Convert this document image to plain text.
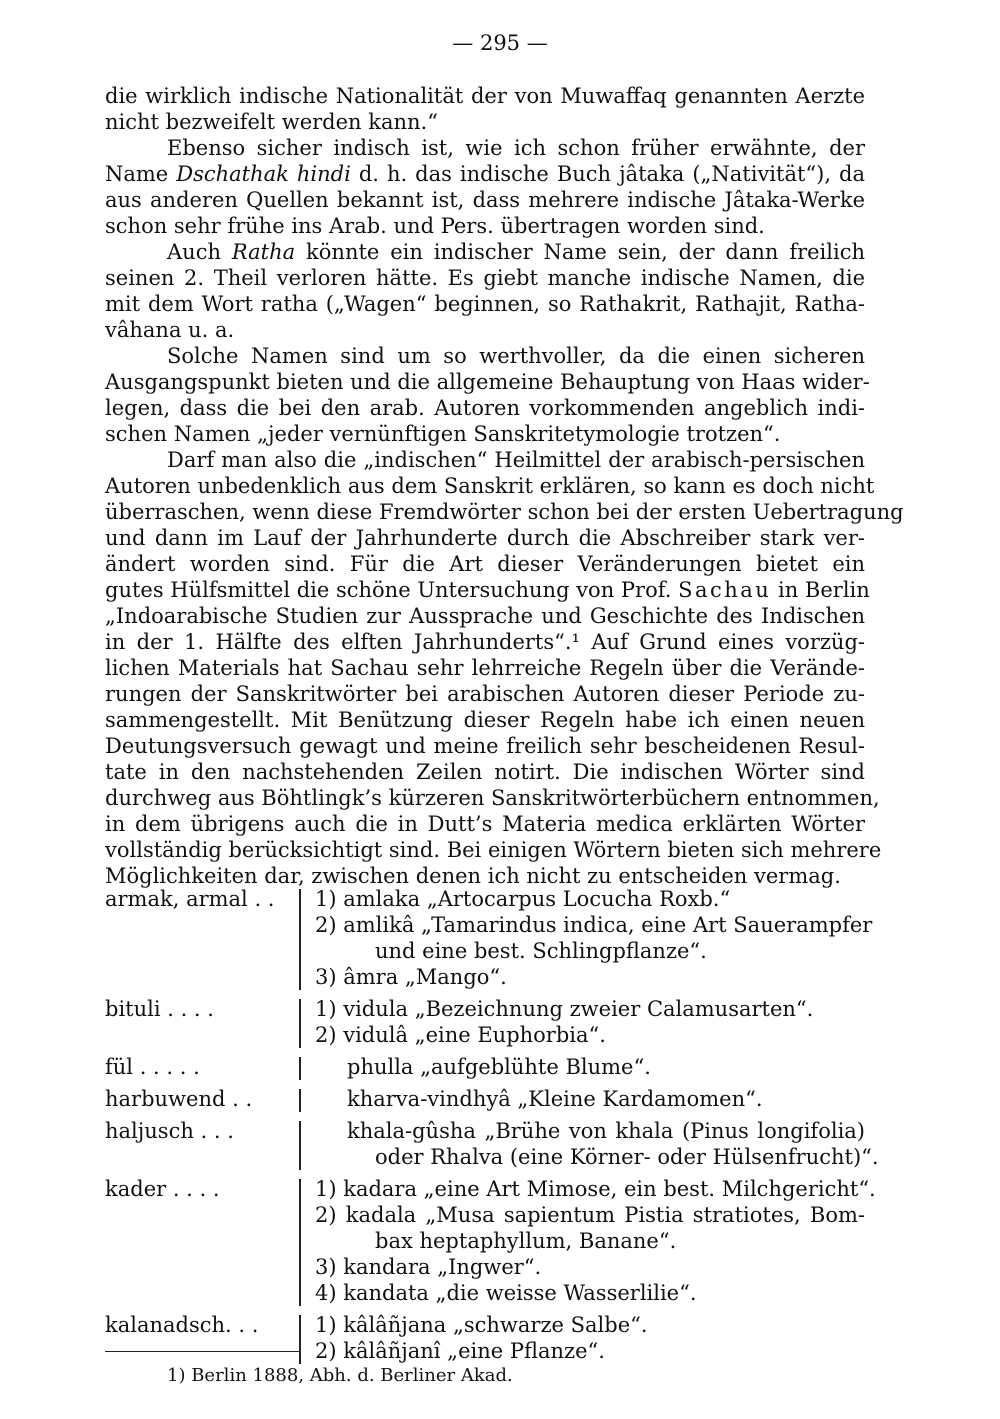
— 295 —
die wirklich indische Nationalität der von Muwaffaq genannten Aerzte
nicht bezweifelt werden kann.“
Ebenso sicher indisch ist, wie ich schon früher erwähnte, der
Name Dschathak hindi d. h. das indische Buch jâtaka („Nativität“), da
aus anderen Quellen bekannt ist, dass mehrere indische Jâtaka-Werke
schon sehr frühe ins Arab. und Pers. übertragen worden sind.
Auch Ratha könnte ein indischer Name sein, der dann freilich
seinen 2. Theil verloren hätte. Es giebt manche indische Namen, die
mit dem Wort ratha („Wagen“ beginnen, so Rathakrit, Rathajit, Ratha-
vâhana u. a.
Solche Namen sind um so werthvoller, da die einen sicheren
Ausgangspunkt bieten und die allgemeine Behauptung von Haas wider-
legen, dass die bei den arab. Autoren vorkommenden angeblich indi-
schen Namen „jeder vernünftigen Sanskritetymologie trotzen“.
Darf man also die „indischen“ Heilmittel der arabisch-persischen
Autoren unbedenklich aus dem Sanskrit erklären, so kann es doch nicht
überraschen, wenn diese Fremdwörter schon bei der ersten Uebertragung
und dann im Lauf der Jahrhunderte durch die Abschreiber stark ver-
ändert worden sind. Für die Art dieser Veränderungen bietet ein
gutes Hülfsmittel die schöne Untersuchung von Prof. Sachau in Berlin
„Indoarabische Studien zur Aussprache und Geschichte des Indischen
in der 1. Hälfte des elften Jahrhunderts“.¹ Auf Grund eines vorzüg-
lichen Materials hat Sachau sehr lehrreiche Regeln über die Verände-
rungen der Sanskritwörter bei arabischen Autoren dieser Periode zu-
sammengestellt. Mit Benützung dieser Regeln habe ich einen neuen
Deutungsversuch gewagt und meine freilich sehr bescheidenen Resul-
tate in den nachstehenden Zeilen notirt. Die indischen Wörter sind
durchweg aus Böhtlingk’s kürzeren Sanskritwörterbüchern entnommen,
in dem übrigens auch die in Dutt’s Materia medica erklärten Wörter
vollständig berücksichtigt sind. Bei einigen Wörtern bieten sich mehrere
Möglichkeiten dar, zwischen denen ich nicht zu entscheiden vermag.
armak, armal . .	1) amlaka „Artocarpus Locucha Roxb.“
2) amlikâ „Tamarindus indica, eine Art Sauerampfer
und eine best. Schlingpflanze“.
3) âmra „Mango“.
bituli . . . .	1) vidula „Bezeichnung zweier Calamusarten“.
2) vidulâ „eine Euphorbia“.
fül . . . . .	phulla „aufgeblühte Blume“.
harbuwend . .	kharva-vindhyâ „Kleine Kardamomen“.
haljusch . . .	khala-gûsha „Brühe von khala (Pinus longifolia)
oder Rhalva (eine Körner- oder Hülsenfrucht)“.
kader . . . .	1) kadara „eine Art Mimose, ein best. Milchgericht“.
2) kadala „Musa sapientum Pistia stratiotes, Bom-
bax heptaphyllum, Banane“.
3) kandara „Ingwer“.
4) kandata „die weisse Wasserlilie“.
kalanadsch. . .	1) kâlâñjana „schwarze Salbe“.
2) kâlâñjanî „eine Pflanze“.
1) Berlin 1888, Abh. d. Berliner Akad.
